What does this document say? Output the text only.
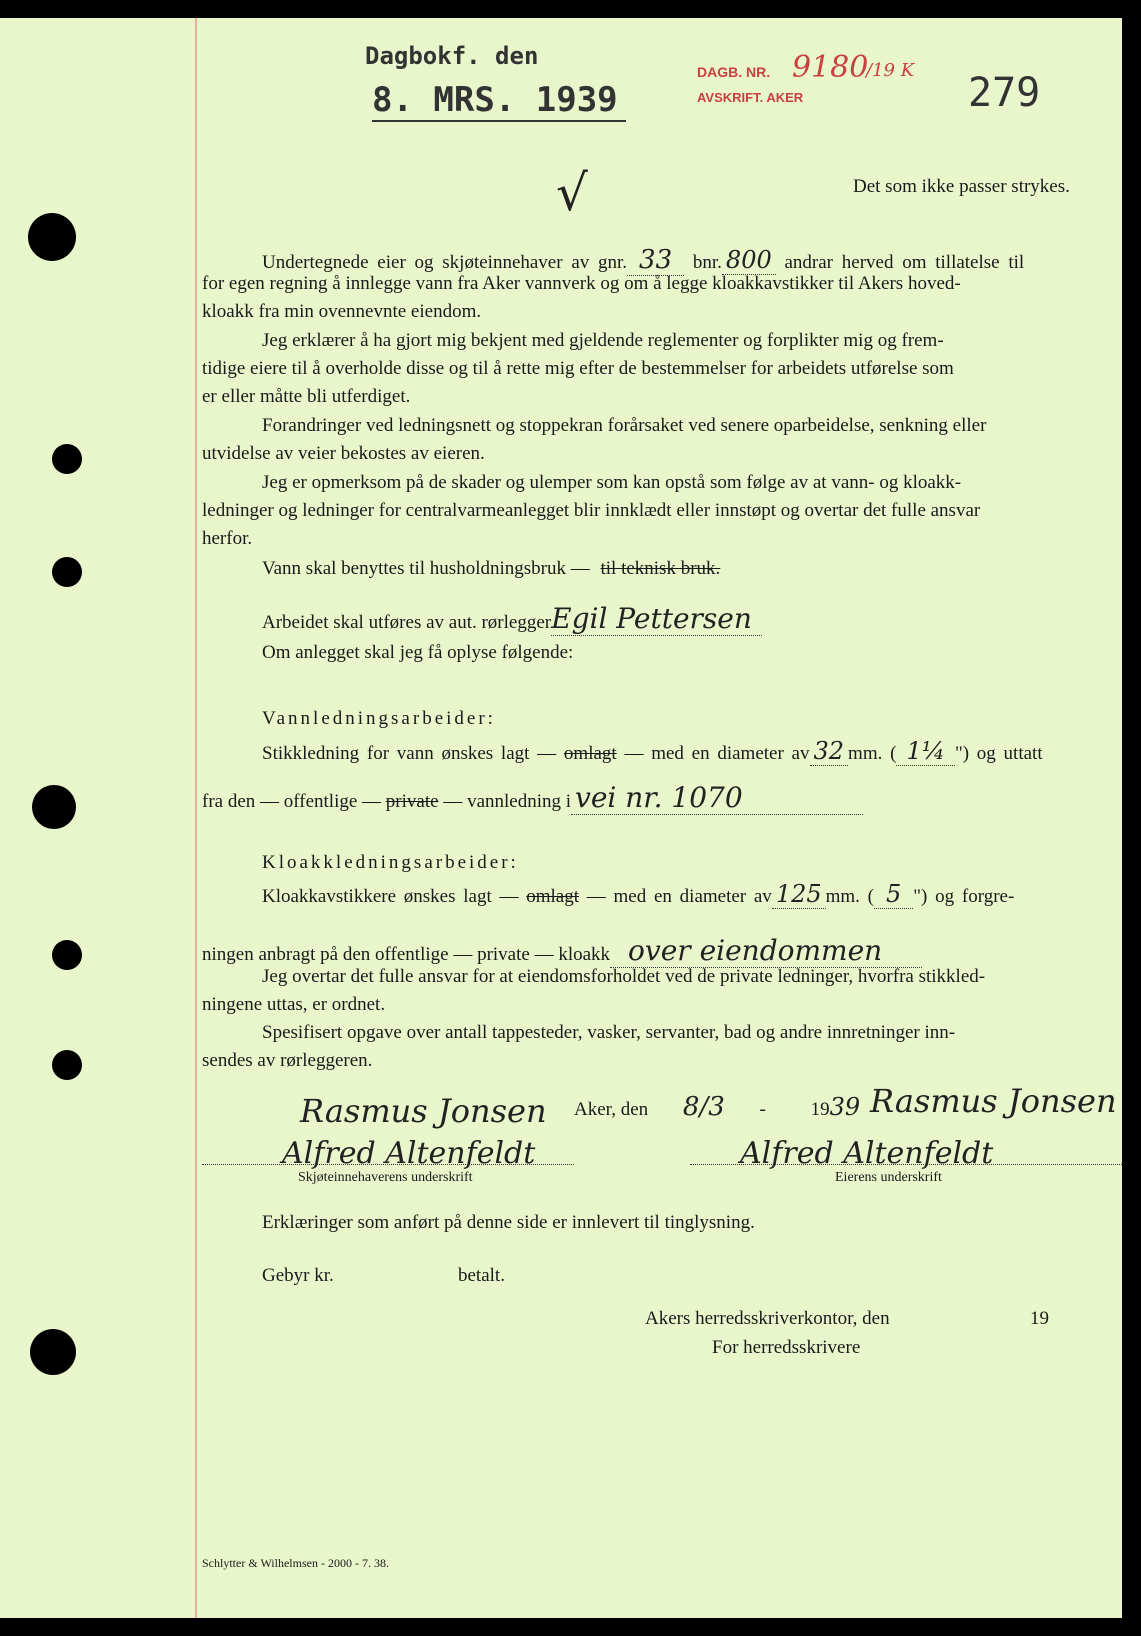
Dagbokf. den
8. MRS. 1939
DAGB. NR. 9180
/19 K
AVSKRIFT. AKER	279
√	Det som ikke passer strykes.
Undertegnede eier og skjøteinnehaver av gnr. 33 bnr. 800 andrar herved om tillatelse til
for egen regning å innlegge vann fra Aker vannverk og om å legge kloakkavstikker til Akers hoved-
kloakk fra min ovennevnte eiendom.
Jeg erklærer å ha gjort mig bekjent med gjeldende reglementer og forplikter mig og frem-
tidige eiere til å overholde disse og til å rette mig efter de bestemmelser for arbeidets utførelse som
er eller måtte bli utferdiget.
Forandringer ved ledningsnett og stoppekran forårsaket ved senere oparbeidelse, senkning eller
utvidelse av veier bekostes av eieren.
Jeg er opmerksom på de skader og ulemper som kan opstå som følge av at vann- og kloakk-
ledninger og ledninger for centralvarmeanlegget blir innklædt eller innstøpt og overtar det fulle ansvar
herfor.
Vann skal benyttes til husholdningsbruk — til teknisk bruk.
Arbeidet skal utføres av aut. rørleggerEgil Pettersen
Om anlegget skal jeg få oplyse følgende:
Vannledningsarbeider:
Stikkledning for vann ønskes lagt — omlagt — med en diameter av 32 mm. ( 1¼ ") og uttatt
fra den — offentlige — private — vannledning i vei nr. 1070
Kloakkledningsarbeider:
Kloakkavstikkere ønskes lagt — omlagt — med en diameter av 125 mm. ( 5 ") og forgre-
ningen anbragt på den offentlige — private — kloakk over eiendommen
Jeg overtar det fulle ansvar for at eiendomsforholdet ved de private ledninger, hvorfra stikkled-
ningene uttas, er ordnet.
Spesifisert opgave over antall tappesteder, vasker, servanter, bad og andre innretninger inn-
sendes av rørleggeren.
Rasmus Jonsen Aker, den 8/3 - 1939 Rasmus Jonsen
Alfred Altenfeldt	Alfred Altenfeldt
Skjøteinnehaverens underskrift	Eierens underskrift
Erklæringer som anført på denne side er innlevert til tinglysning.
Gebyr kr.	betalt.
Akers herredsskriverkontor, den	19
For herredsskrivere
Schlytter & Wilhelmsen - 2000 - 7. 38.
